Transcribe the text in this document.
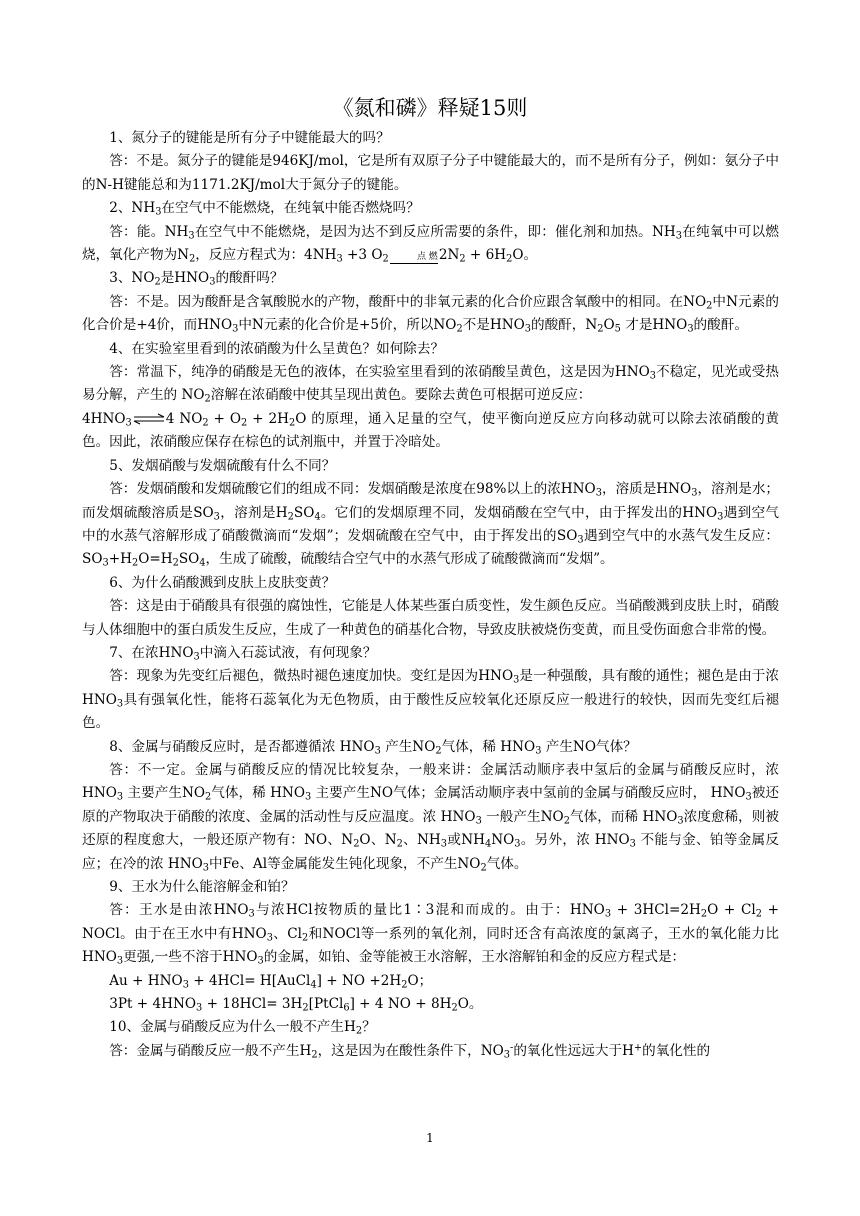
《氮和磷》释疑15则

1、氮分子的键能是所有分子中键能最大的吗？

答：不是。氮分子的键能是946KJ/mol，它是所有双原子分子中键能最大的，而不是所有分子，例如：氨分子中的N-H键能总和为1171.2KJ/mol大于氮分子的键能。

2、$NH_3$在空气中不能燃烧，在纯氧中能否燃烧吗？

答：能。$NH_3$在空气中不能燃烧，是因为达不到反应所需要的条件，即：催化剂和加热。$NH_3$在纯氧中可以燃烧，氧化产物为$N_2$，反应方程式为：$4NH_3 +3$ $O_2$	点 燃 $2N_2 + 6H_2O$。

3、$NO_2$是$HNO_3$的酸酐吗？

答：不是。因为酸酐是含氧酸脱水的产物，酸酐中的非氧元素的化合价应跟含氧酸中的相同。在$NO_2$中N元素的化合价是+4价，而$HNO_3$中N元素的化合价是+5价，所以$NO_2$不是$HNO_3$的酸酐，$N_2O_5$ 才是$HNO_3$的酸酐。

4、在实验室里看到的浓硝酸为什么呈黄色？如何除去？

答：常温下，纯净的硝酸是无色的液体，在实验室里看到的浓硝酸呈黄色，这是因为$HNO_3$不稳定，见光或受热易分解，产生的 $NO_2$溶解在浓硝酸中使其呈现出黄色。要除去黄色可根据可逆反应：

$4HNO_3\rightleftharpoons 4$ $NO_2 + O_2 + 2H_2O$ 的原理，通入足量的空气，使平衡向逆反应方向移动就可以除去浓硝酸的黄色。因此，浓硝酸应保存在棕色的试剂瓶中，并置于冷暗处。

5、发烟硝酸与发烟硫酸有什么不同？

答：发烟硝酸和发烟硫酸它们的组成不同：发烟硝酸是浓度在98%以上的浓$HNO_3$，溶质是$HNO_3$，溶剂是水；而发烟硫酸溶质是$SO_3$，溶剂是$H_2SO_4$。它们的发烟原理不同，发烟硝酸在空气中，由于挥发出的$HNO_3$遇到空气中的水蒸气溶解形成了硝酸微滴而“发烟”；发烟硫酸在空气中，由于挥发出的$SO_3$遇到空气中的水蒸气发生反应：$SO_3+H_2O=H_2SO_4$，生成了硫酸，硫酸结合空气中的水蒸气形成了硫酸微滴而“发烟”。

6、为什么硝酸溅到皮肤上皮肤变黄？

答：这是由于硝酸具有很强的腐蚀性，它能是人体某些蛋白质变性，发生颜色反应。当硝酸溅到皮肤上时，硝酸与人体细胞中的蛋白质发生反应，生成了一种黄色的硝基化合物，导致皮肤被烧伤变黄，而且受伤面愈合非常的慢。

7、在浓$HNO_3$中滴入石蕊试液，有何现象？

答：现象为先变红后褪色，微热时褪色速度加快。变红是因为$HNO_3$是一种强酸，具有酸的通性；褪色是由于浓$HNO_3$具有强氧化性，能将石蕊氧化为无色物质，由于酸性反应较氧化还原反应一般进行的较快，因而先变红后褪色。

8、金属与硝酸反应时，是否都遵循浓 $HNO_3$ 产生$NO_2$气体，稀 $HNO_3$ 产生NO气体？

答：不一定。金属与硝酸反应的情况比较复杂，一般来讲：金属活动顺序表中氢后的金属与硝酸反应时，浓 $HNO_3$ 主要产生$NO_2$气体，稀 $HNO_3$ 主要产生NO气体；金属活动顺序表中氢前的金属与硝酸反应时， $HNO_3$被还原的产物取决于硝酸的浓度、金属的活动性与反应温度。浓 $HNO_3$ 一般产生$NO_2$气体，而稀 $HNO_3$浓度愈稀，则被还原的程度愈大，一般还原产物有：NO、$N_2O$、$N_2$、$NH_3$或$NH_4NO_3$。另外，浓 $HNO_3$ 不能与金、铂等金属反应；在冷的浓 $HNO_3$中Fe、Al等金属能发生钝化现象，不产生$NO_2$气体。

9、王水为什么能溶解金和铂？

答：王水是由浓$HNO_3$与浓HCl按物质的量比1∶3混和而成的。由于：$HNO_3 + 3HCl=2H_2O + Cl_2$ + NOCl。由于在王水中有$HNO_3$、$Cl_2$和NOCl等一系列的氧化剂，同时还含有高浓度的氯离子，王水的氧化能力比$HNO_3$更强,一些不溶于$HNO_3$的金属，如铂、金等能被王水溶解，王水溶解铂和金的反应方程式是：

$Au + HNO_3 + 4HCl=$ H[AuCl$_4$] + NO $+2H_2O$；

$3Pt + 4HNO_3 + 18HCl=$ $3H_2[PtCl_6] + 4$ NO + $8H_2O$。

10、金属与硝酸反应为什么一般不产生$H_2$？

答：金属与硝酸反应一般不产生$H_2$，这是因为在酸性条件下，$NO_3^-$的氧化性远远大于H+的氧化性的

1
